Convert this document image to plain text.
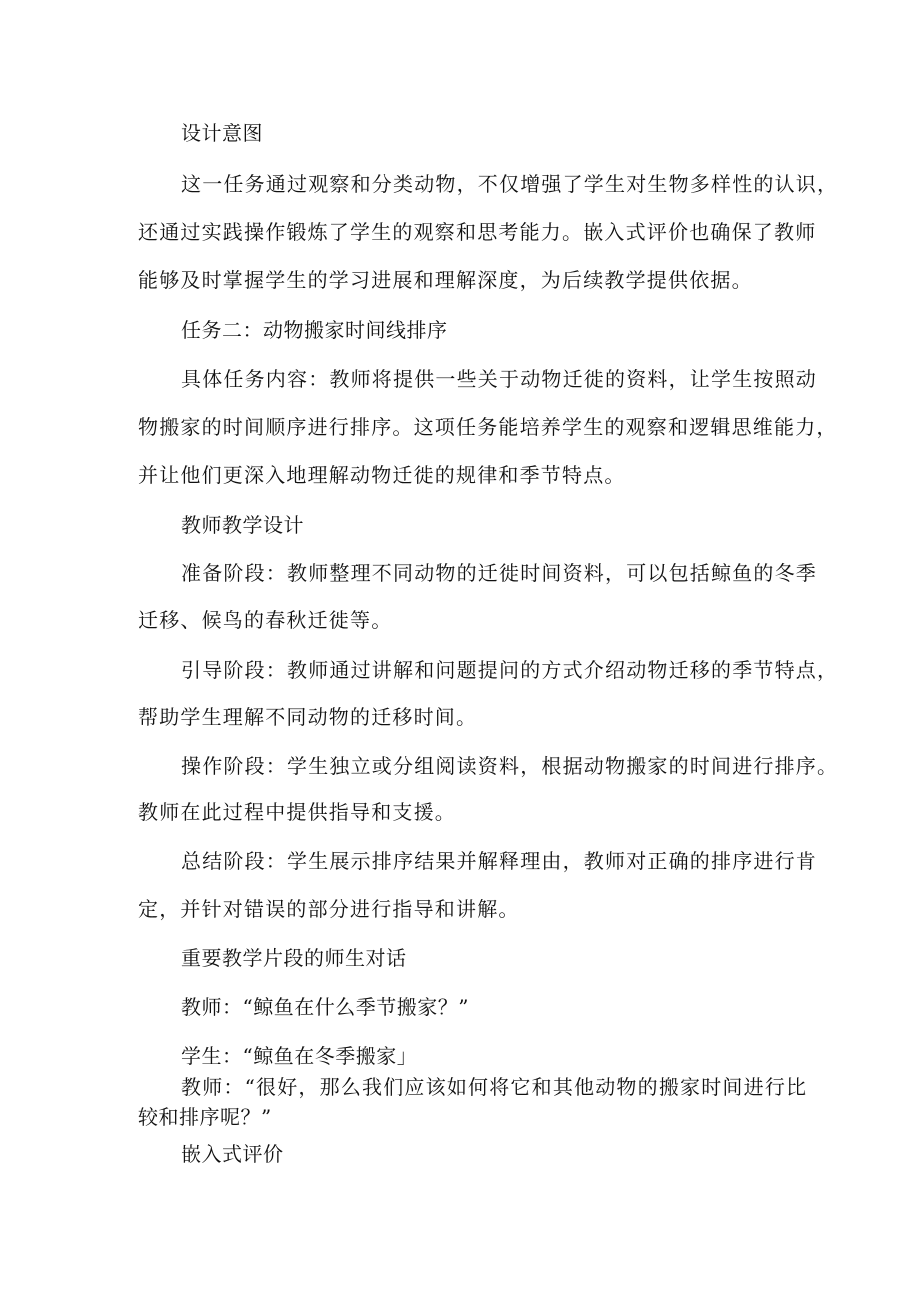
设计意图
这一任务通过观察和分类动物，不仅增强了学生对生物多样性的认识，
还通过实践操作锻炼了学生的观察和思考能力。嵌入式评价也确保了教师
能够及时掌握学生的学习进展和理解深度，为后续教学提供依据。
任务二：动物搬家时间线排序
具体任务内容：教师将提供一些关于动物迁徙的资料，让学生按照动
物搬家的时间顺序进行排序。这项任务能培养学生的观察和逻辑思维能力，
并让他们更深入地理解动物迁徙的规律和季节特点。
教师教学设计
准备阶段：教师整理不同动物的迁徙时间资料，可以包括鲸鱼的冬季
迁移、候鸟的春秋迁徙等。
引导阶段：教师通过讲解和问题提问的方式介绍动物迁移的季节特点，
帮助学生理解不同动物的迁移时间。
操作阶段：学生独立或分组阅读资料，根据动物搬家的时间进行排序。
教师在此过程中提供指导和支援。
总结阶段：学生展示排序结果并解释理由，教师对正确的排序进行肯
定，并针对错误的部分进行指导和讲解。
重要教学片段的师生对话
教师：“鲸鱼在什么季节搬家？”
学生：“鲸鱼在冬季搬家」
教师：“很好，那么我们应该如何将它和其他动物的搬家时间进行比
较和排序呢？”
嵌入式评价
